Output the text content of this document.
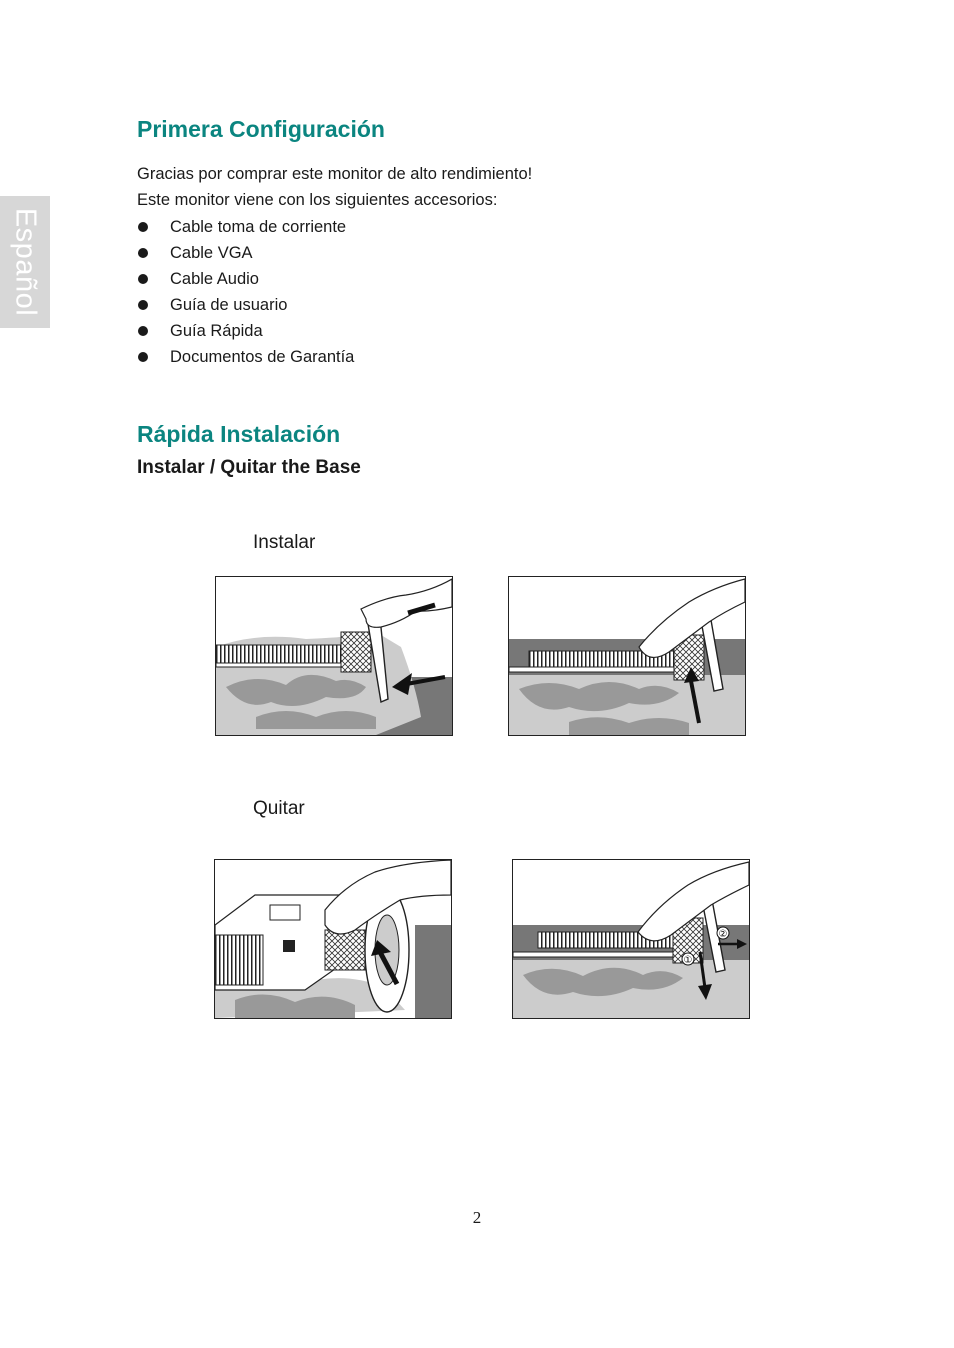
Español
Primera Configuración

Gracias por comprar este monitor de alto rendimiento!

Este monitor viene con los siguientes accesorios:

Cable toma de corriente
Cable VGA
Cable Audio
Guía de usuario
Guía Rápida
Documentos de Garantía
Rápida Instalación
Instalar / Quitar the Base

Instalar

Quitar

①
②
2
